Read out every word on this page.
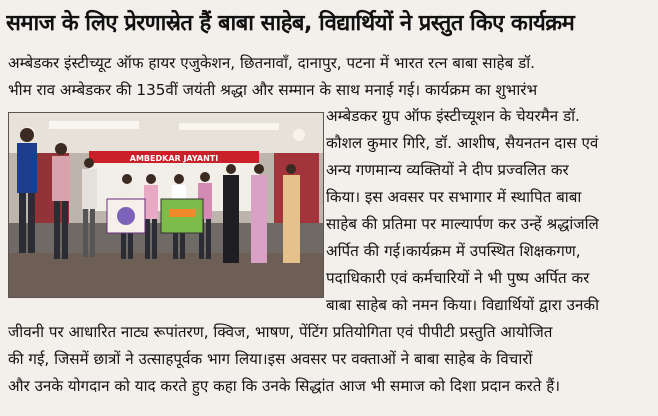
समाज के लिए प्रेरणास्रेत हैं बाबा साहेब, विद्यार्थियों ने प्रस्तुत किए कार्यक्रम
अम्बेडकर इंस्टीच्यूट ऑफ हायर एजुकेशन, छितनावाँ, दानापुर, पटना में भारत रत्न बाबा साहेब डॉ.
भीम राव अम्बेडकर की 135वीं जयंती श्रद्धा और सम्मान के साथ मनाई गई। कार्यक्रम का शुभारंभ
AMBEDKAR JAYANTI
अम्बेडकर ग्रुप ऑफ इंस्टीच्यूशन के चेयरमैन डॉ.
कौशल कुमार गिरि, डॉ. आशीष, सैयनतन दास एवं
अन्य गणमान्य व्यक्तियों ने दीप प्रज्वलित कर
किया। इस अवसर पर सभागार में स्थापित बाबा
साहेब की प्रतिमा पर माल्यार्पण कर उन्हें श्रद्धांजलि
अर्पित की गई।कार्यक्रम में उपस्थित शिक्षकगण,
पदाधिकारी एवं कर्मचारियों ने भी पुष्प अर्पित कर
बाबा साहेब को नमन किया। विद्यार्थियों द्वारा उनकी
जीवनी पर आधारित नाट्य रूपांतरण, क्विज, भाषण, पेंटिंग प्रतियोगिता एवं पीपीटी प्रस्तुति आयोजित
की गई, जिसमें छात्रों ने उत्साहपूर्वक भाग लिया।इस अवसर पर वक्ताओं ने बाबा साहेब के विचारों
और उनके योगदान को याद करते हुए कहा कि उनके सिद्धांत आज भी समाज को दिशा प्रदान करते हैं।
